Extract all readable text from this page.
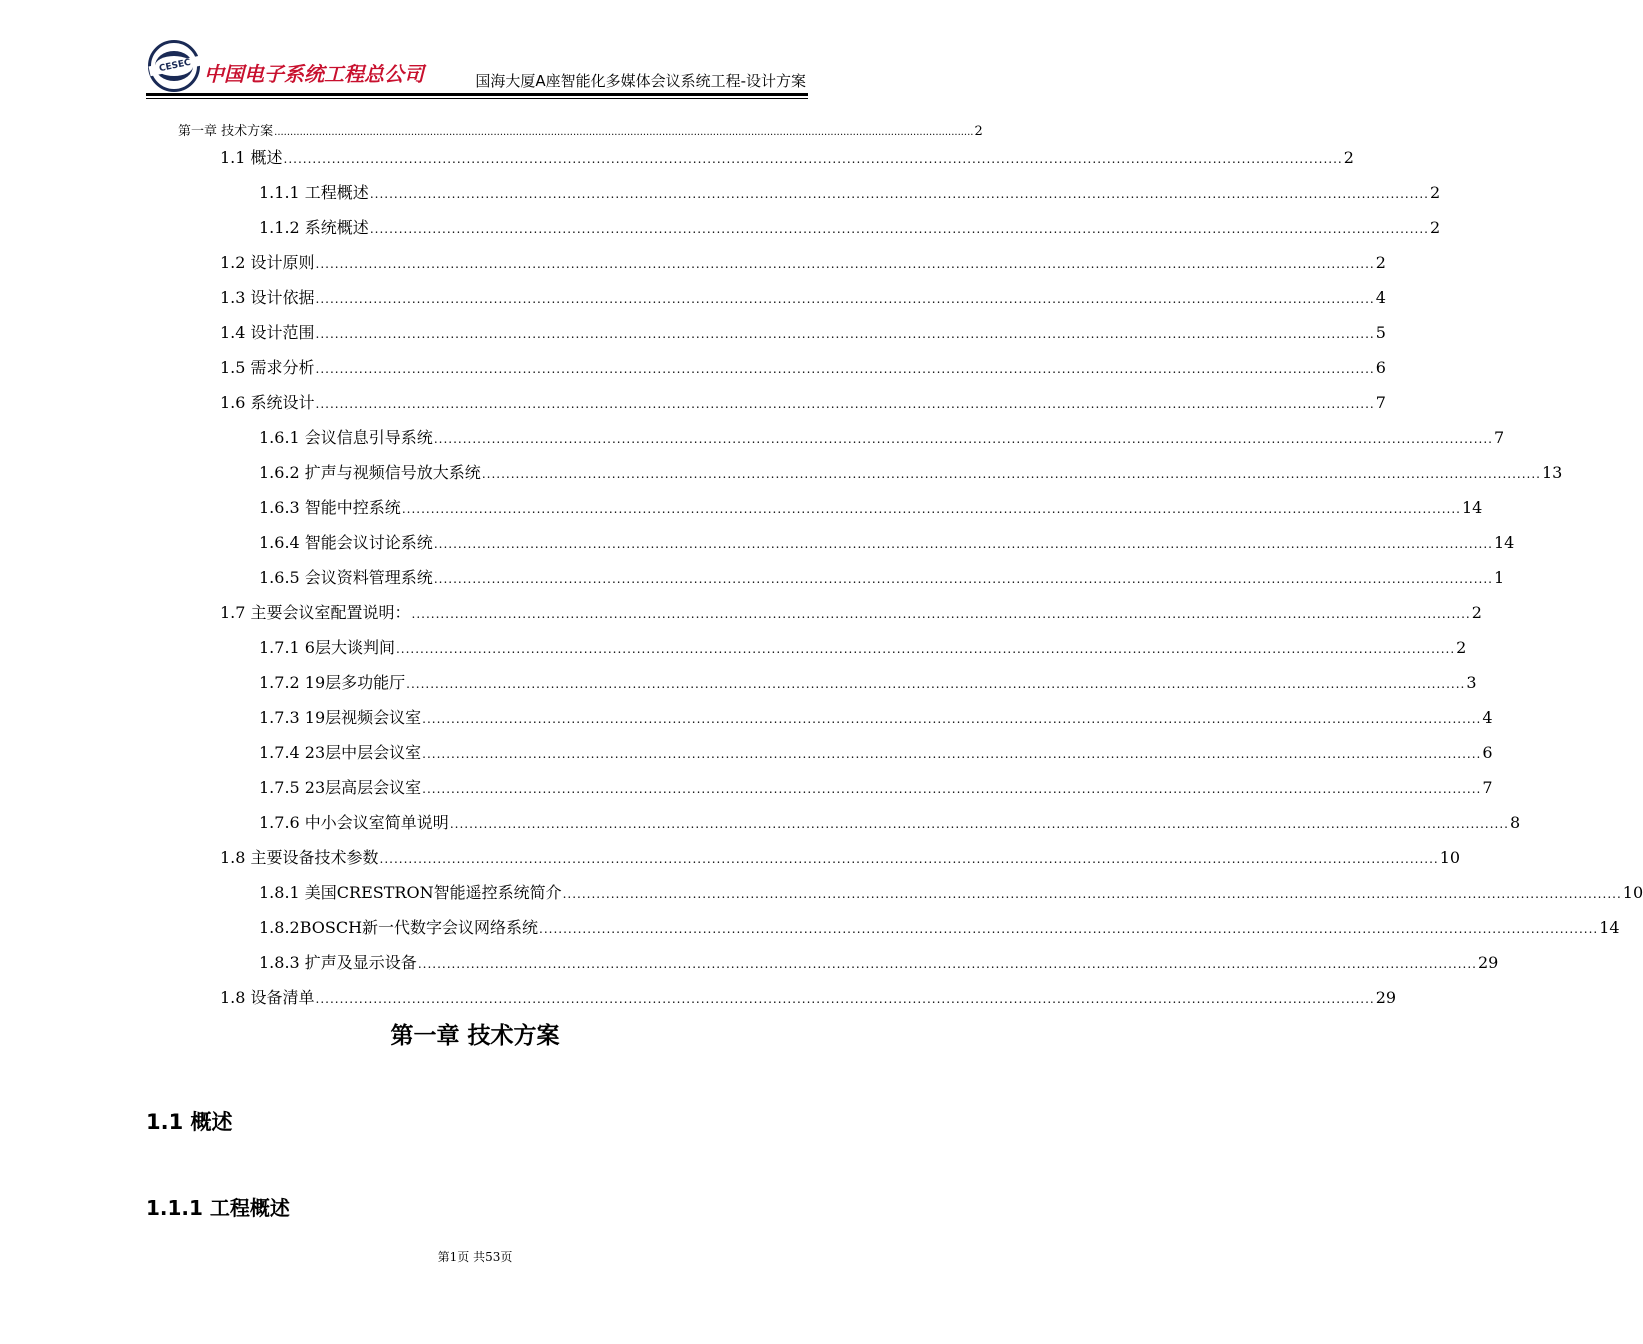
CESEC 中国电子系统工程总公司	国海大厦A座智能化多媒体会议系统工程-设计方案
第一章 技术方案 ............................................................................................................................................................................................................................ 2
1.1 概述 ............................................................................................................................................................................................................................ 2
1.1.1 工程概述 ............................................................................................................................................................................................................................ 2
1.1.2 系统概述 ............................................................................................................................................................................................................................ 2
1.2 设计原则 ............................................................................................................................................................................................................................ 2
1.3 设计依据 ............................................................................................................................................................................................................................ 4
1.4 设计范围 ............................................................................................................................................................................................................................ 5
1.5 需求分析 ............................................................................................................................................................................................................................ 6
1.6 系统设计 ............................................................................................................................................................................................................................ 7
1.6.1 会议信息引导系统 ............................................................................................................................................................................................................................ 7
1.6.2 扩声与视频信号放大系统 ............................................................................................................................................................................................................................ 13
1.6.3 智能中控系统 ............................................................................................................................................................................................................................ 14
1.6.4 智能会议讨论系统 ............................................................................................................................................................................................................................ 14
1.6.5 会议资料管理系统 ............................................................................................................................................................................................................................ 1
1.7 主要会议室配置说明： ............................................................................................................................................................................................................................ 2
1.7.1 6层大谈判间 ............................................................................................................................................................................................................................ 2
1.7.2 19层多功能厅 ............................................................................................................................................................................................................................ 3
1.7.3 19层视频会议室 ............................................................................................................................................................................................................................ 4
1.7.4 23层中层会议室 ............................................................................................................................................................................................................................ 6
1.7.5 23层高层会议室 ............................................................................................................................................................................................................................ 7
1.7.6 中小会议室简单说明 ............................................................................................................................................................................................................................ 8
1.8 主要设备技术参数 ............................................................................................................................................................................................................................ 10
1.8.1 美国CRESTRON智能遥控系统简介 ............................................................................................................................................................................................................................ 10
1.8.2BOSCH新一代数字会议网络系统 ............................................................................................................................................................................................................................ 14
1.8.3 扩声及显示设备 ............................................................................................................................................................................................................................ 29
1.8 设备清单 ............................................................................................................................................................................................................................ 29
第一章 技术方案
1.1 概述
1.1.1 工程概述
第1页 共53页
